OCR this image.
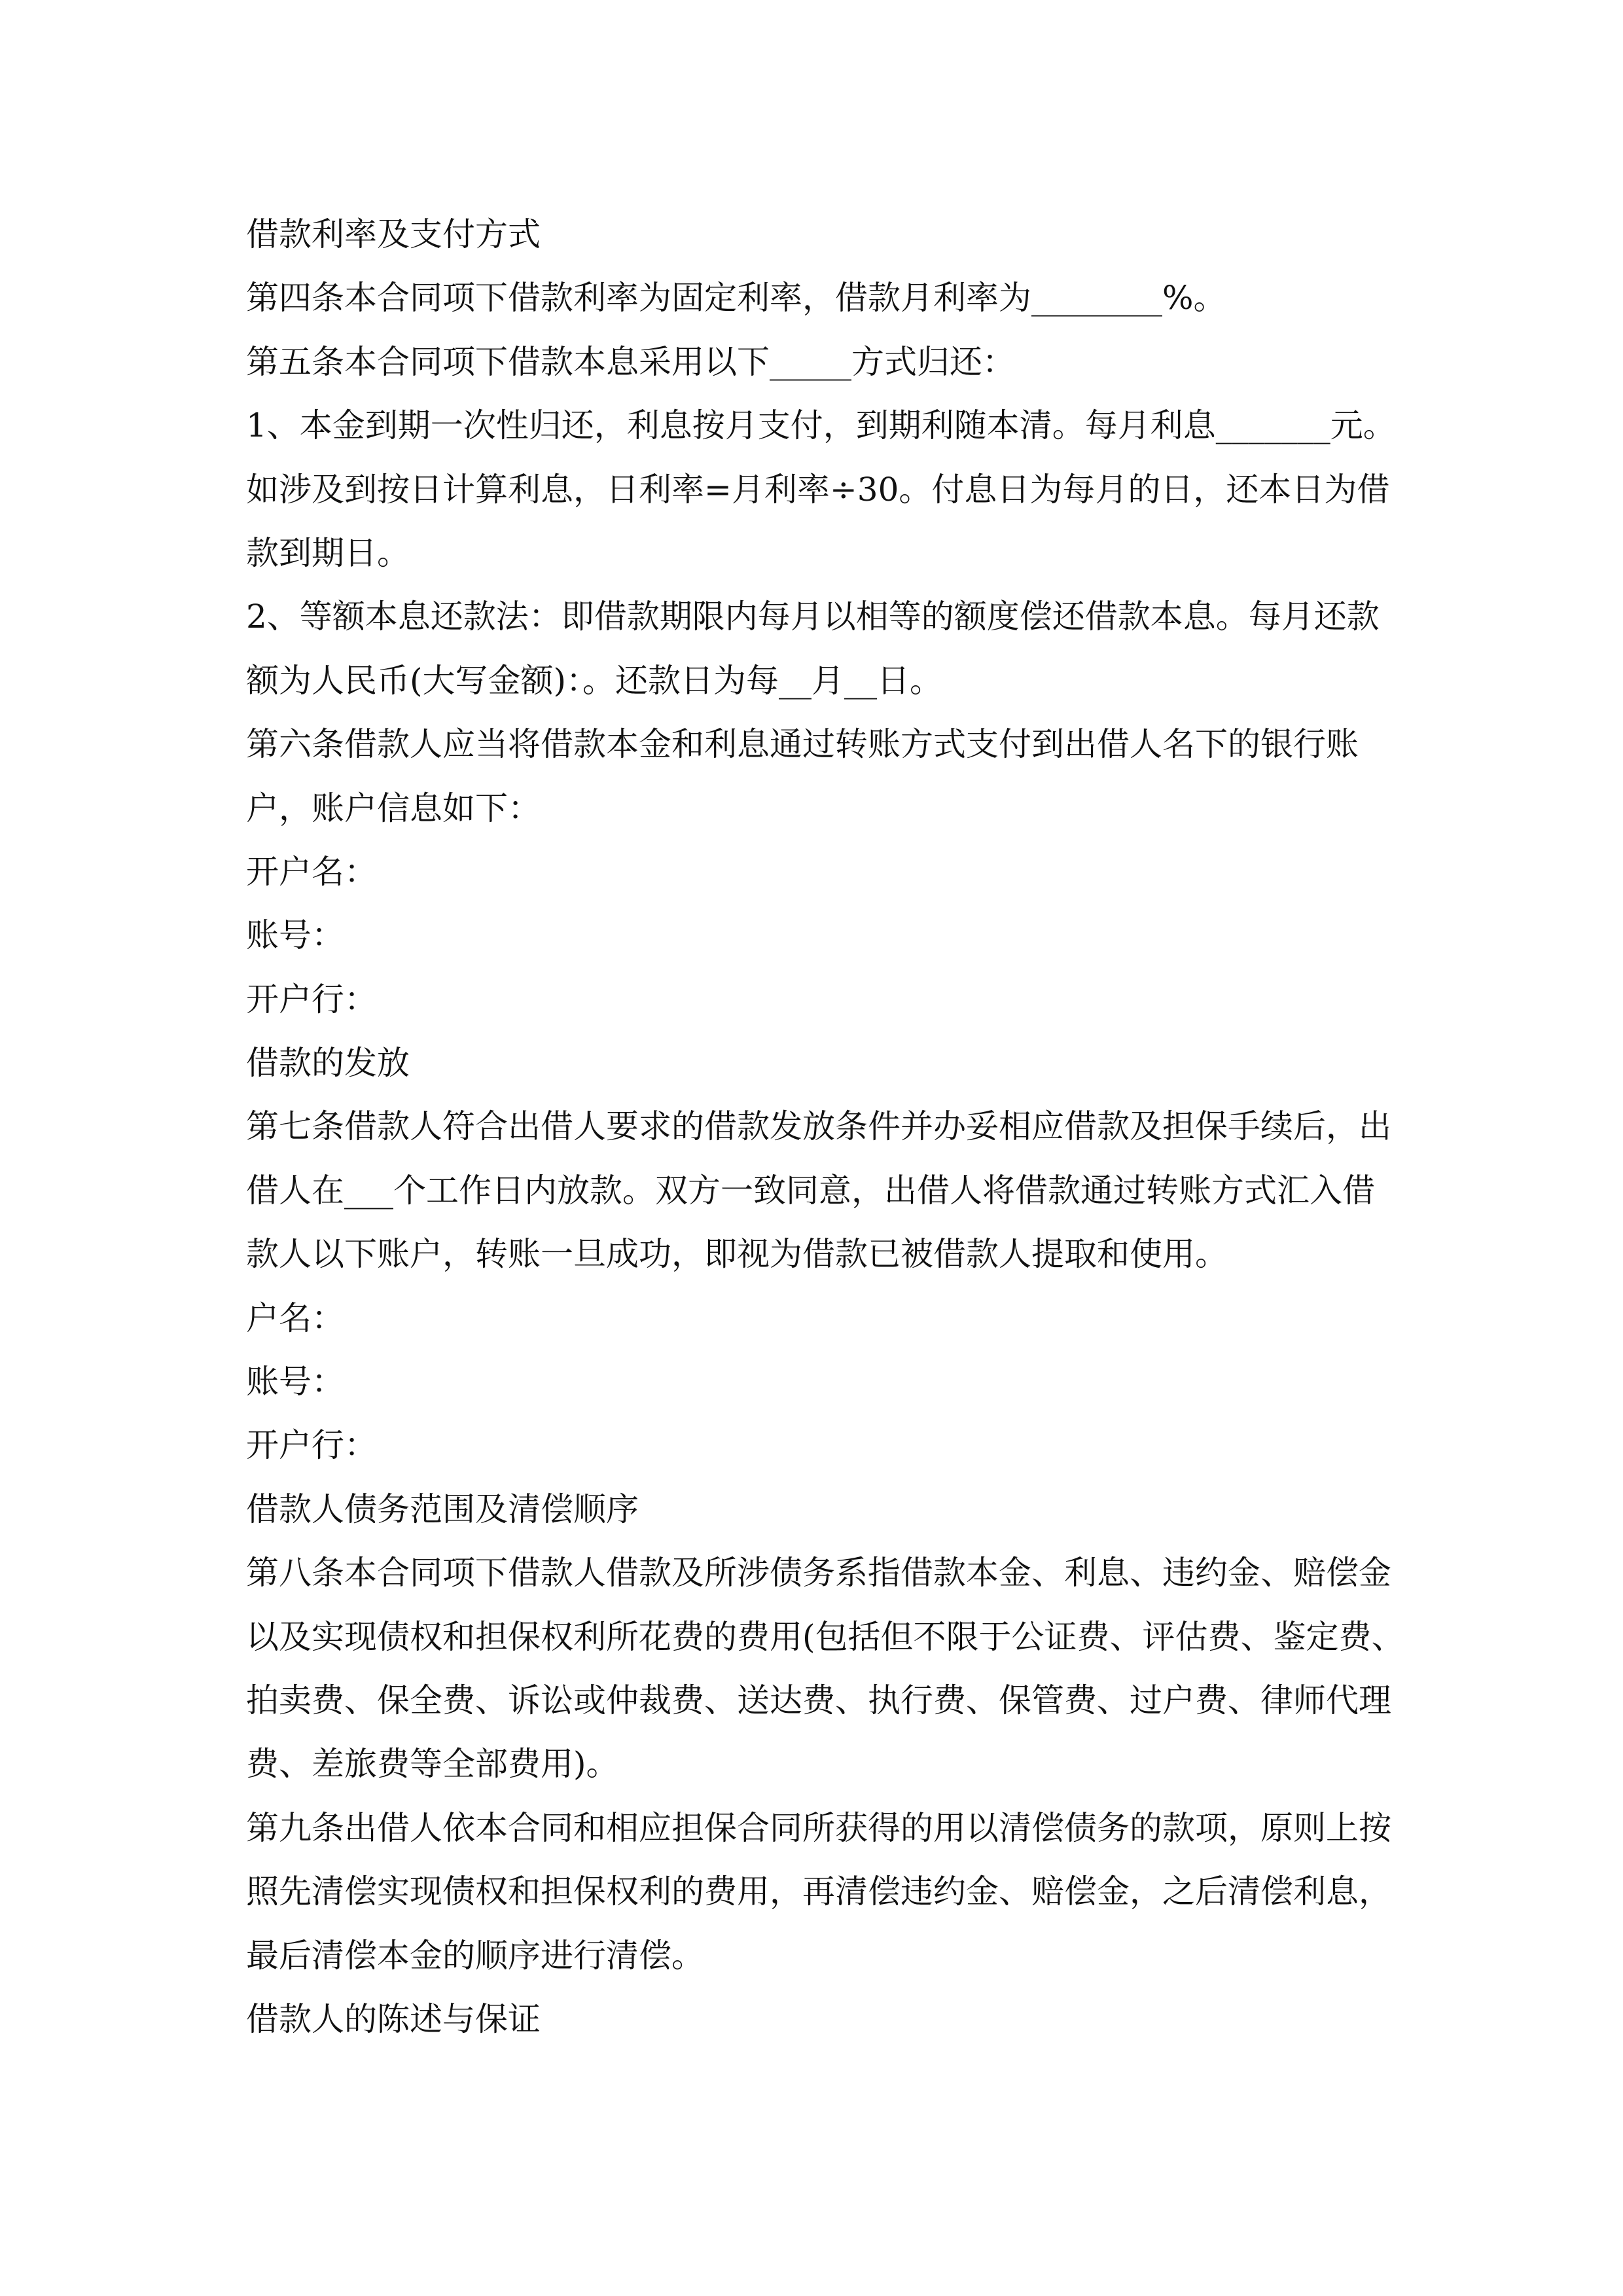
借款利率及支付方式
第四条本合同项下借款利率为固定利率，借款月利率为________%。
第五条本合同项下借款本息采用以下_____方式归还：
1、本金到期一次性归还，利息按月支付，到期利随本清。每月利息_______元。
如涉及到按日计算利息，日利率=月利率÷30。付息日为每月的日，还本日为借
款到期日。
2、等额本息还款法：即借款期限内每月以相等的额度偿还借款本息。每月还款
额为人民币(大写金额)：。还款日为每__月__日。
第六条借款人应当将借款本金和利息通过转账方式支付到出借人名下的银行账
户，账户信息如下：
开户名：
账号：
开户行：
借款的发放
第七条借款人符合出借人要求的借款发放条件并办妥相应借款及担保手续后，出
借人在___个工作日内放款。双方一致同意，出借人将借款通过转账方式汇入借
款人以下账户，转账一旦成功，即视为借款已被借款人提取和使用。
户名：
账号：
开户行：
借款人债务范围及清偿顺序
第八条本合同项下借款人借款及所涉债务系指借款本金、利息、违约金、赔偿金
以及实现债权和担保权利所花费的费用(包括但不限于公证费、评估费、鉴定费、
拍卖费、保全费、诉讼或仲裁费、送达费、执行费、保管费、过户费、律师代理
费、差旅费等全部费用)。
第九条出借人依本合同和相应担保合同所获得的用以清偿债务的款项，原则上按
照先清偿实现债权和担保权利的费用，再清偿违约金、赔偿金，之后清偿利息，
最后清偿本金的顺序进行清偿。
借款人的陈述与保证
